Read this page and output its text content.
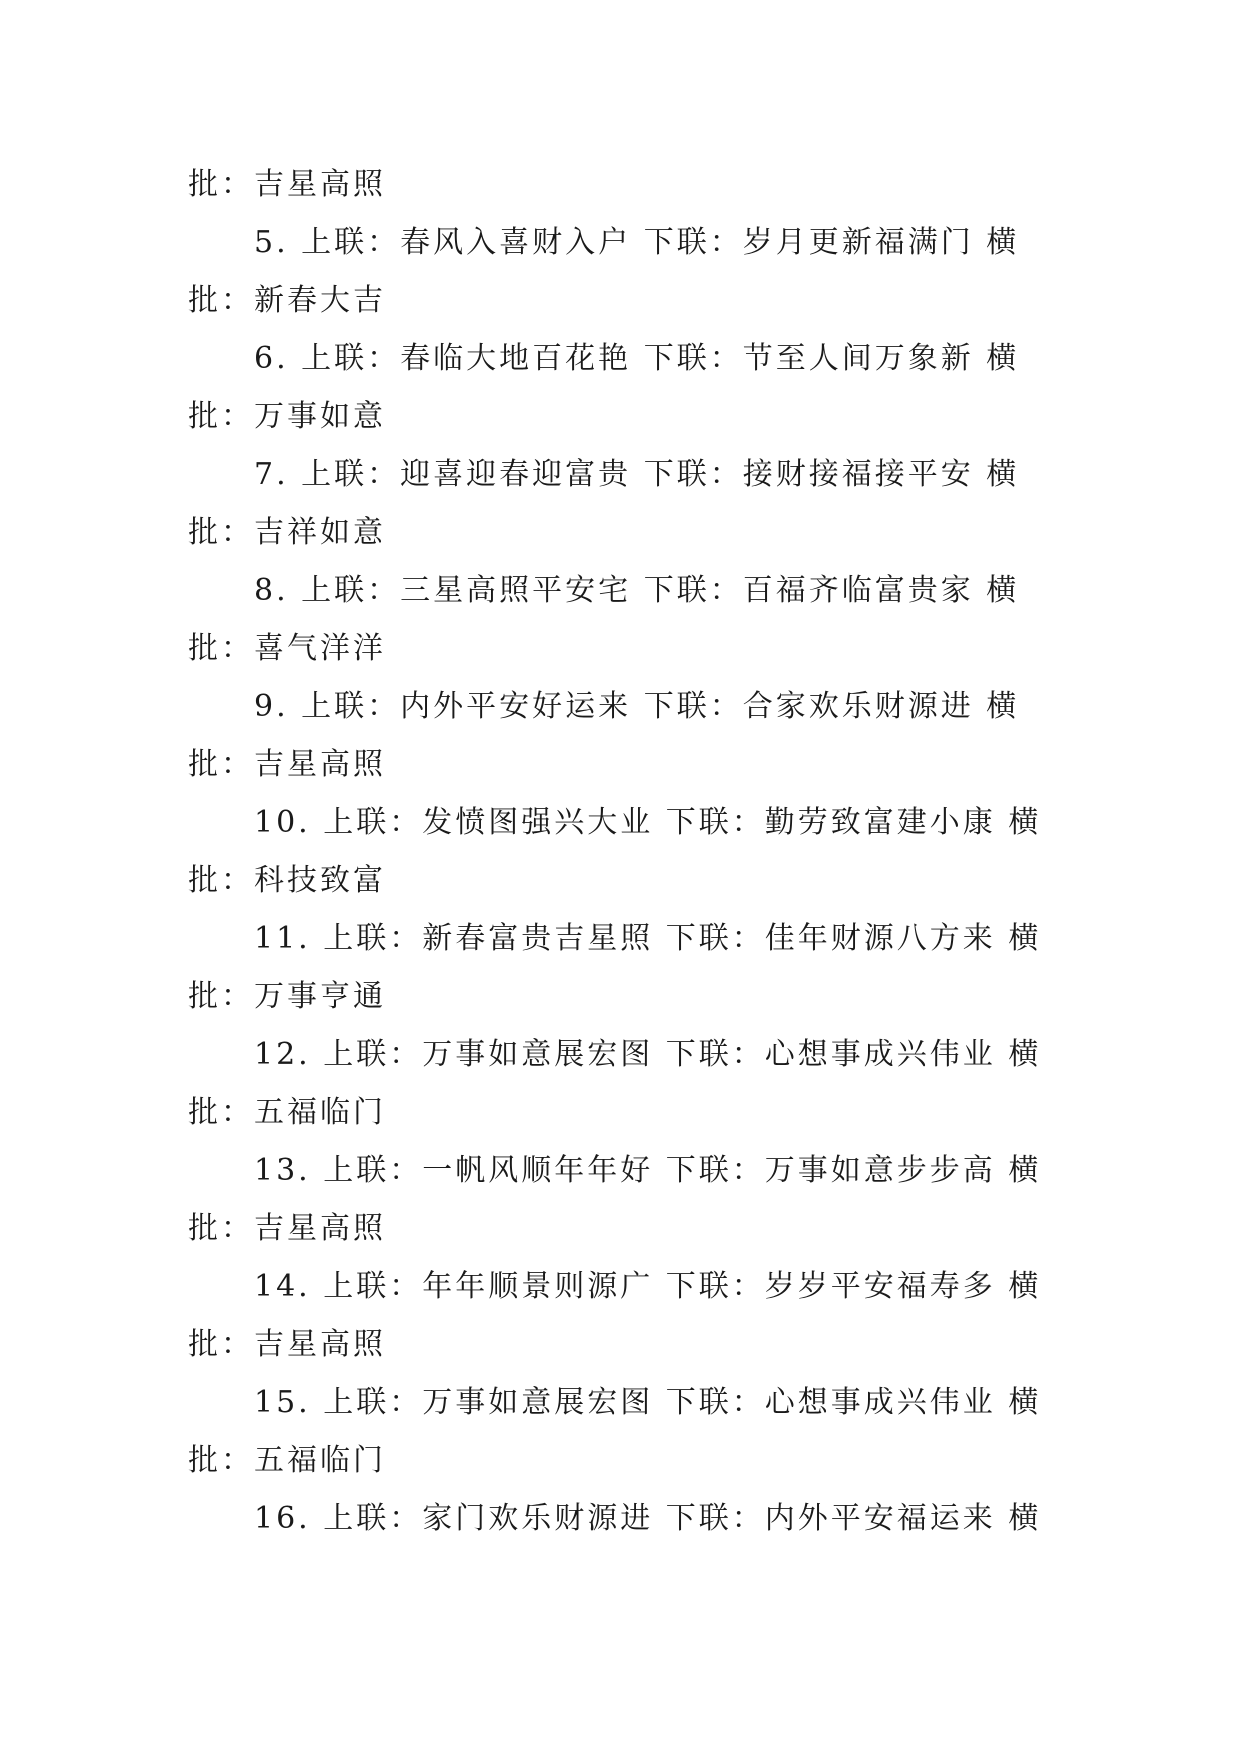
批：吉星高照
5. 上联：春风入喜财入户 下联：岁月更新福满门 横
批：新春大吉
6. 上联：春临大地百花艳 下联：节至人间万象新 横
批：万事如意
7. 上联：迎喜迎春迎富贵 下联：接财接福接平安 横
批：吉祥如意
8. 上联：三星高照平安宅 下联：百福齐临富贵家 横
批：喜气洋洋
9. 上联：内外平安好运来 下联：合家欢乐财源进 横
批：吉星高照
10. 上联：发愤图强兴大业 下联：勤劳致富建小康 横
批：科技致富
11. 上联：新春富贵吉星照 下联：佳年财源八方来 横
批：万事亨通
12. 上联：万事如意展宏图 下联：心想事成兴伟业 横
批：五福临门
13. 上联：一帆风顺年年好 下联：万事如意步步高 横
批：吉星高照
14. 上联：年年顺景则源广 下联：岁岁平安福寿多 横
批：吉星高照
15. 上联：万事如意展宏图 下联：心想事成兴伟业 横
批：五福临门
16. 上联：家门欢乐财源进 下联：内外平安福运来 横
